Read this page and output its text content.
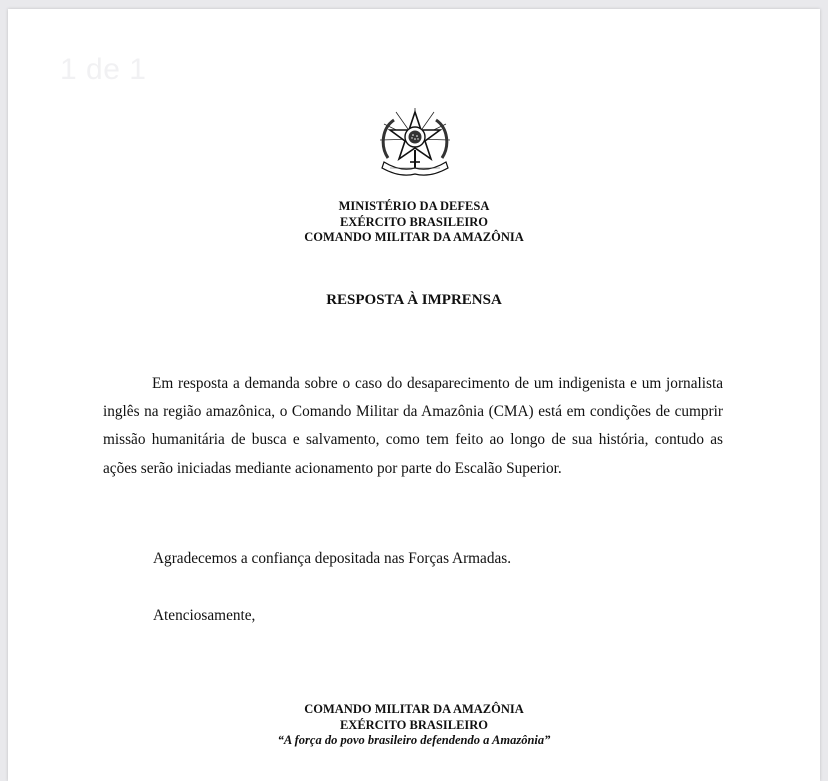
1 de 1
MINISTÉRIO DA DEFESA
EXÉRCITO BRASILEIRO
COMANDO MILITAR DA AMAZÔNIA
RESPOSTA À IMPRENSA

Em resposta a demanda sobre o caso do desaparecimento de um indigenista e um jornalista inglês na região amazônica, o Comando Militar da Amazônia (CMA) está em condições de cumprir missão humanitária de busca e salvamento, como tem feito ao longo de sua história, contudo as ações serão iniciadas mediante acionamento por parte do Escalão Superior.

Agradecemos a confiança depositada nas Forças Armadas.
Atenciosamente,
COMANDO MILITAR DA AMAZÔNIA
EXÉRCITO BRASILEIRO
“A força do povo brasileiro defendendo a Amazônia”
